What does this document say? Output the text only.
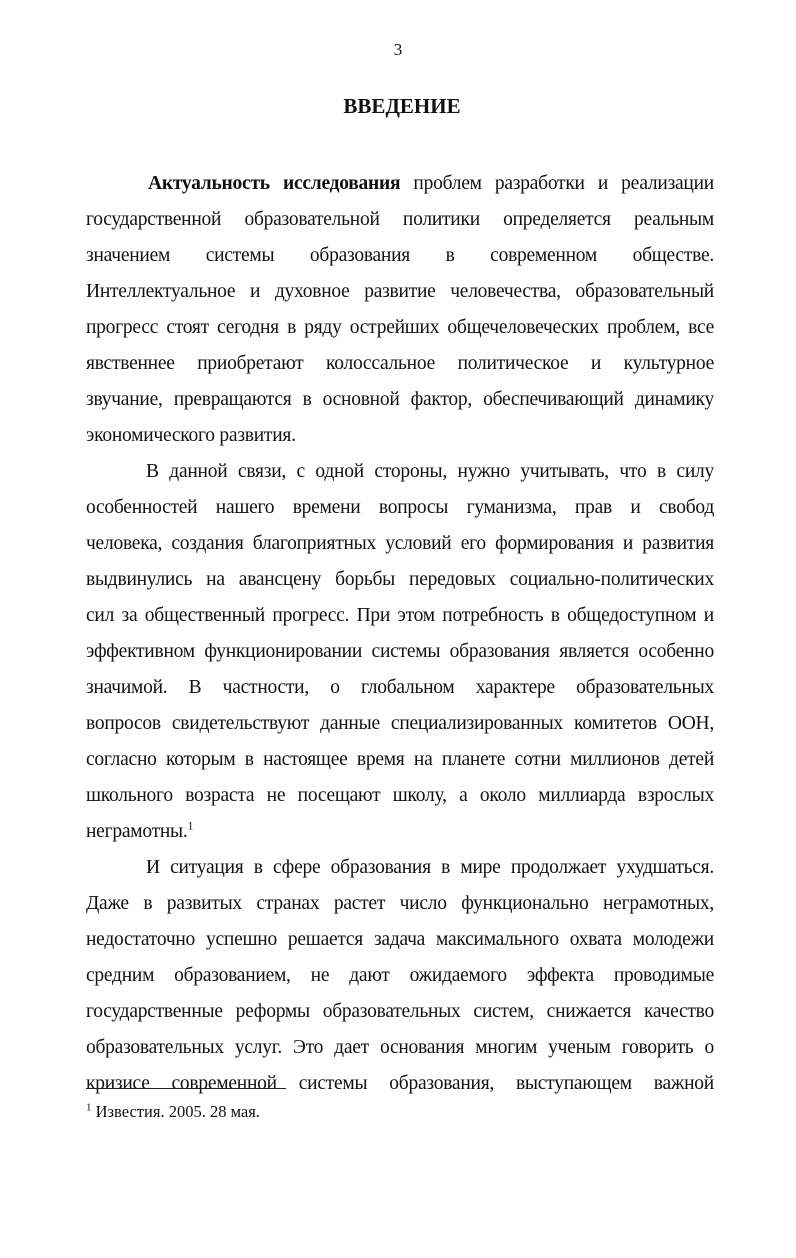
3
ВВЕДЕНИЕ
Актуальность исследования проблем разработки и реализации
государственной образовательной политики определяется реальным
значением системы образования в современном обществе.
Интеллектуальное и духовное развитие человечества, образовательный
прогресс стоят сегодня в ряду острейших общечеловеческих проблем, все
явственнее приобретают колоссальное политическое и культурное
звучание, превращаются в основной фактор, обеспечивающий динамику
экономического развития.
В данной связи, с одной стороны, нужно учитывать, что в силу
особенностей нашего времени вопросы гуманизма, прав и свобод
человека, создания благоприятных условий его формирования и развития
выдвинулись на авансцену борьбы передовых социально-политических
сил за общественный прогресс. При этом потребность в общедоступном и
эффективном функционировании системы образования является особенно
значимой. В частности, о глобальном характере образовательных
вопросов свидетельствуют данные специализированных комитетов ООН,
согласно которым в настоящее время на планете сотни миллионов детей
школьного возраста не посещают школу, а около миллиарда взрослых
неграмотны.$^1$
И ситуация в сфере образования в мире продолжает ухудшаться.
Даже в развитых странах растет число функционально неграмотных,
недостаточно успешно решается задача максимального охвата молодежи
средним образованием, не дают ожидаемого эффекта проводимые
государственные реформы образовательных систем, снижается качество
образовательных услуг. Это дает основания многим ученым говорить о
кризисе современной системы образования, выступающем важной
$^1$ Известия. 2005. 28 мая.
